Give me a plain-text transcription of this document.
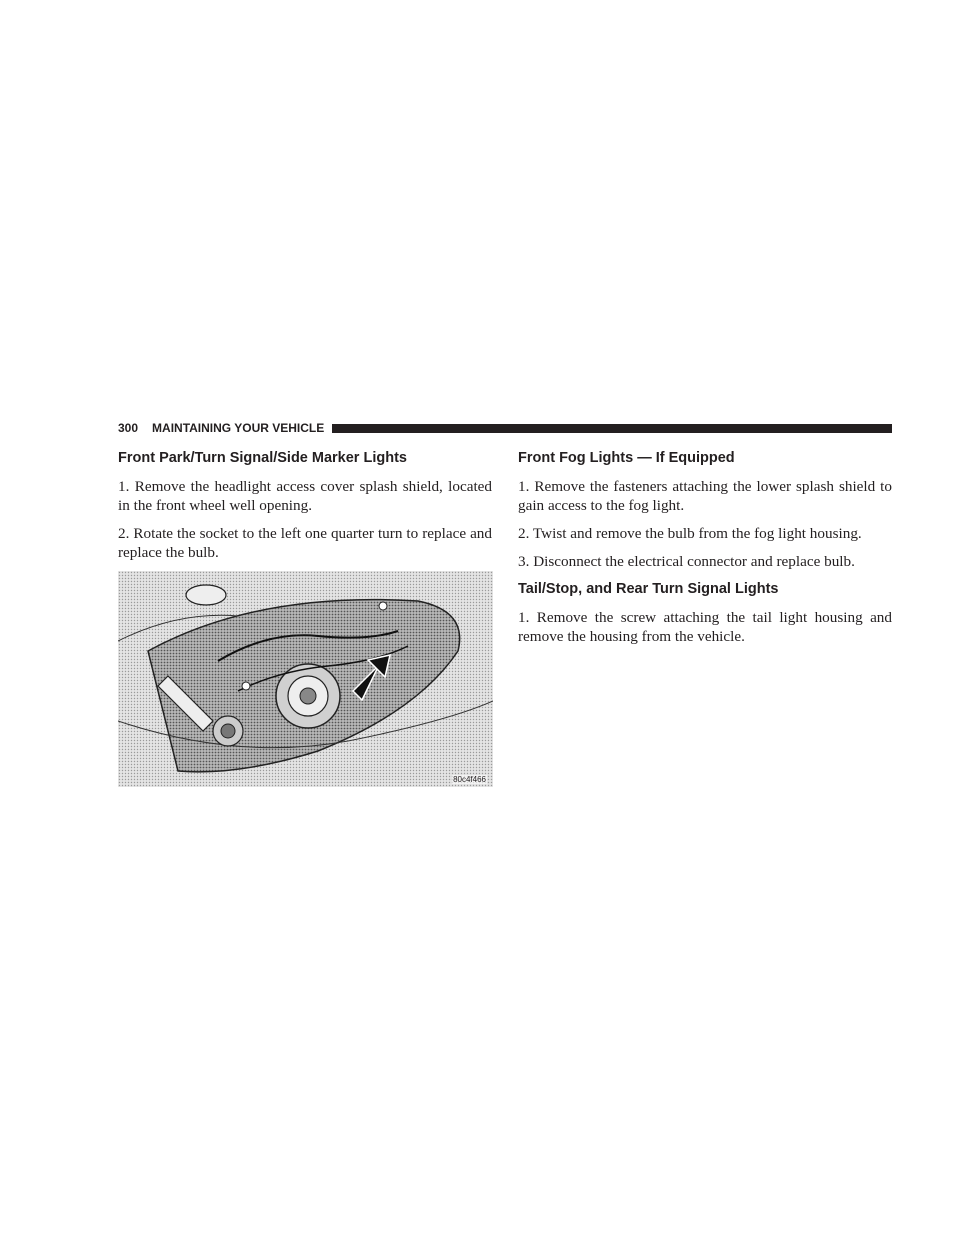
300 MAINTAINING YOUR VEHICLE
Front Park/Turn Signal/Side Marker Lights

1. Remove the headlight access cover splash shield, located in the front wheel well opening.

2. Rotate the socket to the left one quarter turn to replace and replace the bulb.

80c4f466
Front Fog Lights — If Equipped

1. Remove the fasteners attaching the lower splash shield to gain access to the fog light.

2. Twist and remove the bulb from the fog light housing.

3. Disconnect the electrical connector and replace bulb.

Tail/Stop, and Rear Turn Signal Lights

1. Remove the screw attaching the tail light housing and remove the housing from the vehicle.
